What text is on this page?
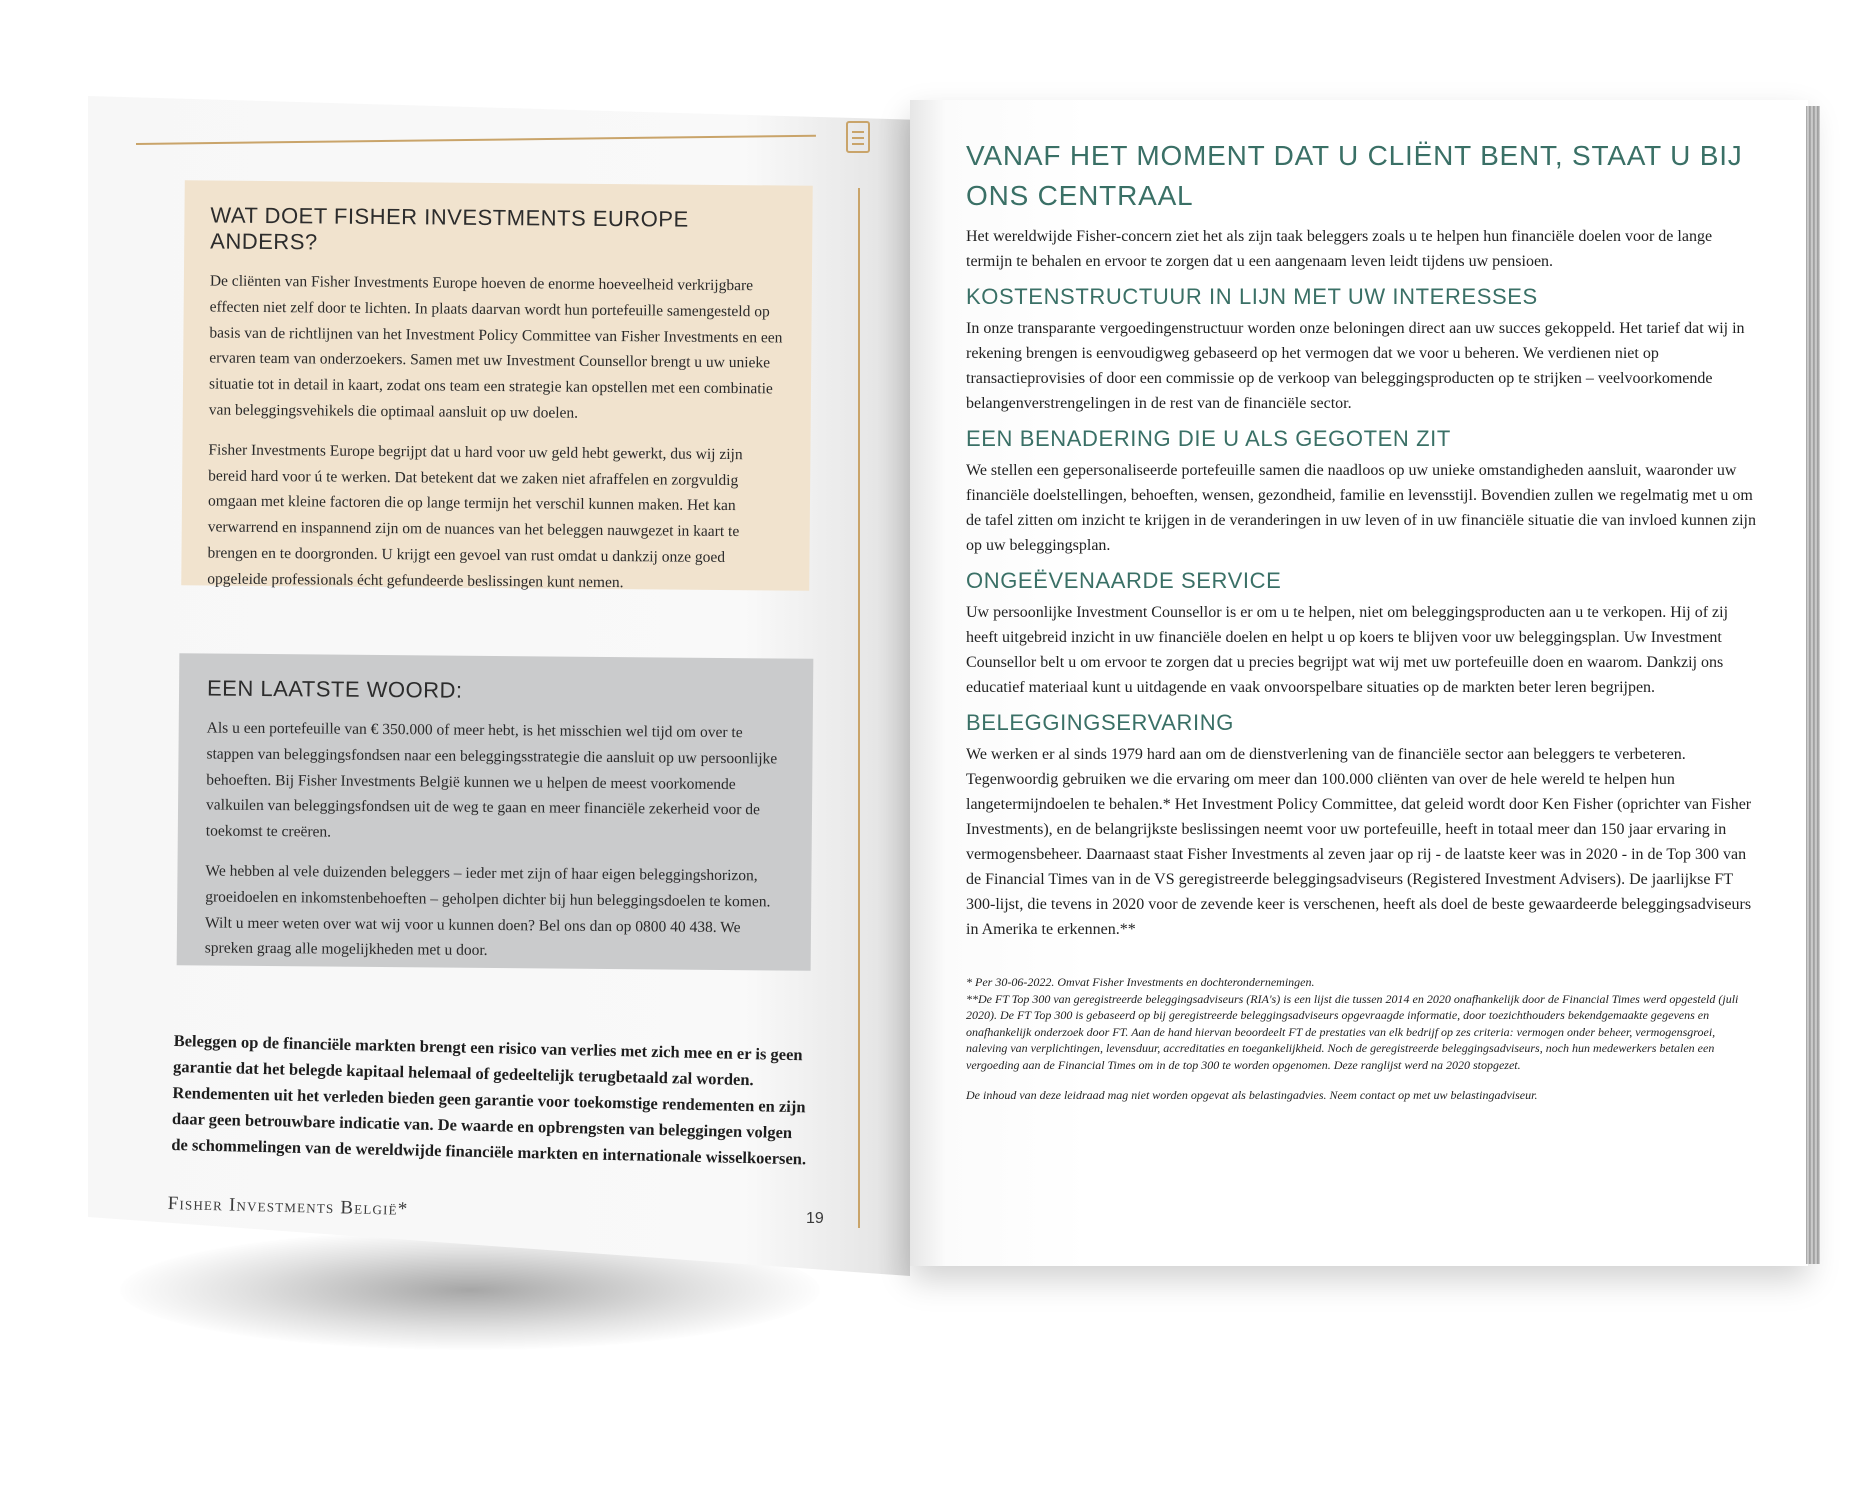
WAT DOET FISHER INVESTMENTS EUROPE ANDERS?

De cliënten van Fisher Investments Europe hoeven de enorme hoeveelheid verkrijgbare effecten niet zelf door te lichten. In plaats daarvan wordt hun portefeuille samengesteld op basis van de richtlijnen van het Investment Policy Committee van Fisher Investments en een ervaren team van onderzoekers. Samen met uw Investment Counsellor brengt u uw unieke situatie tot in detail in kaart, zodat ons team een strategie kan opstellen met een combinatie van beleggingsvehikels die optimaal aansluit op uw doelen.

Fisher Investments Europe begrijpt dat u hard voor uw geld hebt gewerkt, dus wij zijn bereid hard voor ú te werken. Dat betekent dat we zaken niet afraffelen en zorgvuldig omgaan met kleine factoren die op lange termijn het verschil kunnen maken. Het kan verwarrend en inspannend zijn om de nuances van het beleggen nauwgezet in kaart te brengen en te doorgronden. U krijgt een gevoel van rust omdat u dankzij onze goed opgeleide professionals écht gefundeerde beslissingen kunt nemen.

EEN LAATSTE WOORD:

Als u een portefeuille van € 350.000 of meer hebt, is het misschien wel tijd om over te stappen van beleggingsfondsen naar een beleggingsstrategie die aansluit op uw persoonlijke behoeften. Bij Fisher Investments België kunnen we u helpen de meest voorkomende valkuilen van beleggingsfondsen uit de weg te gaan en meer financiële zekerheid voor de toekomst te creëren.

We hebben al vele duizenden beleggers – ieder met zijn of haar eigen beleggingshorizon, groeidoelen en inkomstenbehoeften – geholpen dichter bij hun beleggingsdoelen te komen. Wilt u meer weten over wat wij voor u kunnen doen? Bel ons dan op 0800 40 438. We spreken graag alle mogelijkheden met u door.

Beleggen op de financiële markten brengt een risico van verlies met zich mee en er is geen garantie dat het belegde kapitaal helemaal of gedeeltelijk terugbetaald zal worden. Rendementen uit het verleden bieden geen garantie voor toekomstige rendementen en zijn daar geen betrouwbare indicatie van. De waarde en opbrengsten van beleggingen volgen de schommelingen van de wereldwijde financiële markten en internationale wisselkoersen.

Fisher Investments België*	19
VANAF HET MOMENT DAT U CLIËNT BENT, STAAT U BIJ ONS CENTRAAL

Het wereldwijde Fisher-concern ziet het als zijn taak beleggers zoals u te helpen hun financiële doelen voor de lange termijn te behalen en ervoor te zorgen dat u een aangenaam leven leidt tijdens uw pensioen.

KOSTENSTRUCTUUR IN LIJN MET UW INTERESSES

In onze transparante vergoedingenstructuur worden onze beloningen direct aan uw succes gekoppeld. Het tarief dat wij in rekening brengen is eenvoudigweg gebaseerd op het vermogen dat we voor u beheren. We verdienen niet op transactieprovisies of door een commissie op de verkoop van beleggingsproducten op te strijken – veelvoorkomende belangenverstrengelingen in de rest van de financiële sector.

EEN BENADERING DIE U ALS GEGOTEN ZIT

We stellen een gepersonaliseerde portefeuille samen die naadloos op uw unieke omstandigheden aansluit, waaronder uw financiële doelstellingen, behoeften, wensen, gezondheid, familie en levensstijl. Bovendien zullen we regelmatig met u om de tafel zitten om inzicht te krijgen in de veranderingen in uw leven of in uw financiële situatie die van invloed kunnen zijn op uw beleggingsplan.

ONGEËVENAARDE SERVICE

Uw persoonlijke Investment Counsellor is er om u te helpen, niet om beleggingsproducten aan u te verkopen. Hij of zij heeft uitgebreid inzicht in uw financiële doelen en helpt u op koers te blijven voor uw beleggingsplan. Uw Investment Counsellor belt u om ervoor te zorgen dat u precies begrijpt wat wij met uw portefeuille doen en waarom. Dankzij ons educatief materiaal kunt u uitdagende en vaak onvoorspelbare situaties op de markten beter leren begrijpen.

BELEGGINGSERVARING

We werken er al sinds 1979 hard aan om de dienstverlening van de financiële sector aan beleggers te verbeteren. Tegenwoordig gebruiken we die ervaring om meer dan 100.000 cliënten van over de hele wereld te helpen hun langetermijndoelen te behalen.* Het Investment Policy Committee, dat geleid wordt door Ken Fisher (oprichter van Fisher Investments), en de belangrijkste beslissingen neemt voor uw portefeuille, heeft in totaal meer dan 150 jaar ervaring in vermogensbeheer. Daarnaast staat Fisher Investments al zeven jaar op rij - de laatste keer was in 2020 - in de Top 300 van de Financial Times van in de VS geregistreerde beleggingsadviseurs (Registered Investment Advisers). De jaarlijkse FT 300-lijst, die tevens in 2020 voor de zevende keer is verschenen, heeft als doel de beste gewaardeerde beleggingsadviseurs in Amerika te erkennen.**

* Per 30-06-2022. Omvat Fisher Investments en dochterondernemingen.

**De FT Top 300 van geregistreerde beleggingsadviseurs (RIA's) is een lijst die tussen 2014 en 2020 onafhankelijk door de Financial Times werd opgesteld (juli 2020). De FT Top 300 is gebaseerd op bij geregistreerde beleggingsadviseurs opgevraagde informatie, door toezichthouders bekendgemaakte gegevens en onafhankelijk onderzoek door FT. Aan de hand hiervan beoordeelt FT de prestaties van elk bedrijf op zes criteria: vermogen onder beheer, vermogensgroei, naleving van verplichtingen, levensduur, accreditaties en toegankelijkheid. Noch de geregistreerde beleggingsadviseurs, noch hun medewerkers betalen een vergoeding aan de Financial Times om in de top 300 te worden opgenomen. Deze ranglijst werd na 2020 stopgezet.

De inhoud van deze leidraad mag niet worden opgevat als belastingadvies. Neem contact op met uw belastingadviseur.
